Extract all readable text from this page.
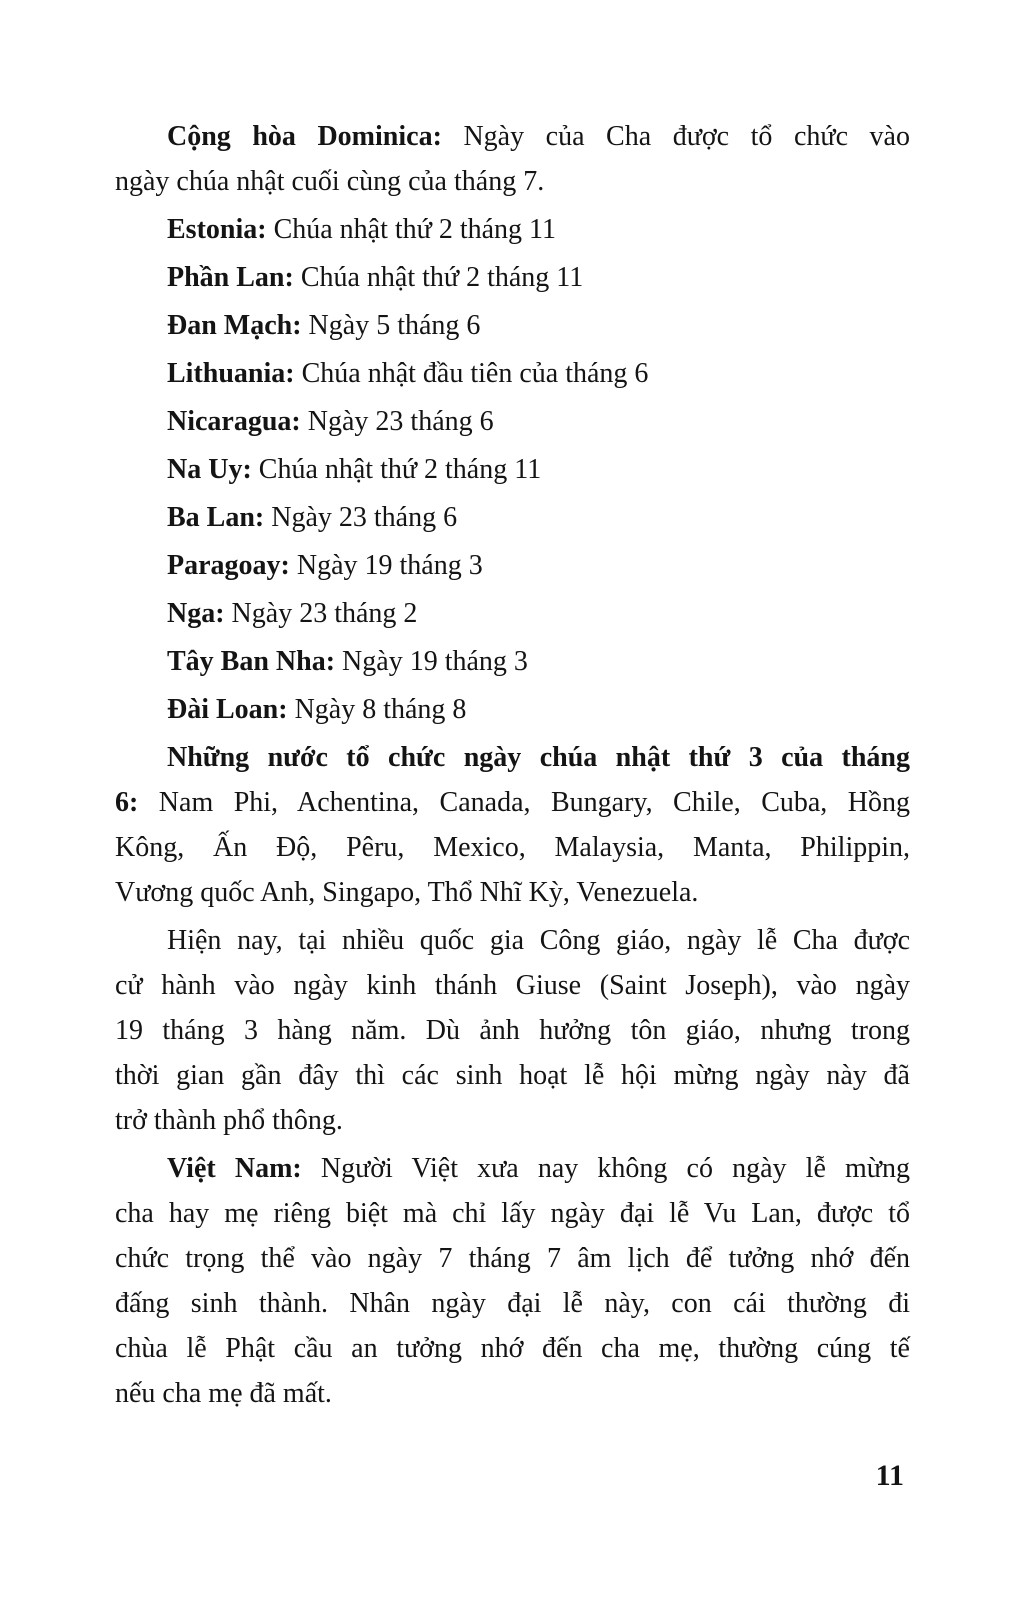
Cộng hòa Dominica: Ngày của Cha được tổ chức vào
ngày chúa nhật cuối cùng của tháng 7.

Estonia: Chúa nhật thứ 2 tháng 11

Phần Lan: Chúa nhật thứ 2 tháng 11

Đan Mạch: Ngày 5 tháng 6

Lithuania: Chúa nhật đầu tiên của tháng 6

Nicaragua: Ngày 23 tháng 6

Na Uy: Chúa nhật thứ 2 tháng 11

Ba Lan: Ngày 23 tháng 6

Paragoay: Ngày 19 tháng 3

Nga: Ngày 23 tháng 2

Tây Ban Nha: Ngày 19 tháng 3

Đài Loan: Ngày 8 tháng 8

Những nước tổ chức ngày chúa nhật thứ 3 của tháng
6: Nam Phi, Achentina, Canada, Bungary, Chile, Cuba, Hồng
Kông, Ấn Độ, Pêru, Mexico, Malaysia, Manta, Philippin,
Vương quốc Anh, Singapo, Thổ Nhĩ Kỳ, Venezuela.

Hiện nay, tại nhiều quốc gia Công giáo, ngày lễ Cha được
cử hành vào ngày kinh thánh Giuse (Saint Joseph), vào ngày
19 tháng 3 hàng năm. Dù ảnh hưởng tôn giáo, nhưng trong
thời gian gần đây thì các sinh hoạt lễ hội mừng ngày này đã
trở thành phổ thông.

Việt Nam: Người Việt xưa nay không có ngày lễ mừng
cha hay mẹ riêng biệt mà chỉ lấy ngày đại lễ Vu Lan, được tổ
chức trọng thể vào ngày 7 tháng 7 âm lịch để tưởng nhớ đến
đấng sinh thành. Nhân ngày đại lễ này, con cái thường đi
chùa lễ Phật cầu an tưởng nhớ đến cha mẹ, thường cúng tế
nếu cha mẹ đã mất.

11
